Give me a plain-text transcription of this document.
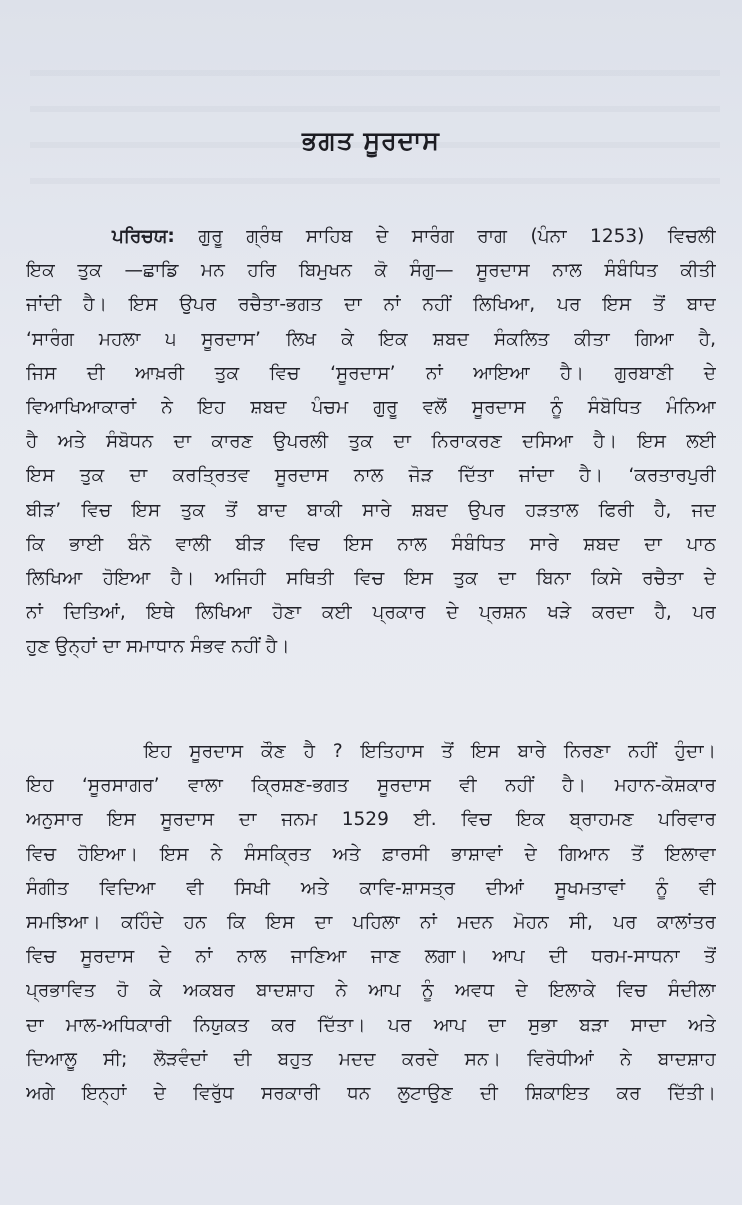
ਭਗਤ ਸੂਰਦਾਸ
ਪਰਿਚਯ: ਗੁਰੂ ਗ੍ਰੰਥ ਸਾਹਿਬ ਦੇ ਸਾਰੰਗ ਰਾਗ (ਪੰਨਾ 1253) ਵਿਚਲੀ
ਇਕ ਤੁਕ —ਛਾਡਿ ਮਨ ਹਰਿ ਬਿਮੁਖਨ ਕੋ ਸੰਗੁ— ਸੂਰਦਾਸ ਨਾਲ ਸੰਬੰਧਿਤ ਕੀਤੀ
ਜਾਂਦੀ ਹੈ। ਇਸ ਉਪਰ ਰਚੈਤਾ-ਭਗਤ ਦਾ ਨਾਂ ਨਹੀਂ ਲਿਖਿਆ, ਪਰ ਇਸ ਤੋਂ ਬਾਦ
‘ਸਾਰੰਗ ਮਹਲਾ ੫ ਸੂਰਦਾਸ’ ਲਿਖ ਕੇ ਇਕ ਸ਼ਬਦ ਸੰਕਲਿਤ ਕੀਤਾ ਗਿਆ ਹੈ,
ਜਿਸ ਦੀ ਆਖ਼ਰੀ ਤੁਕ ਵਿਚ ‘ਸੂਰਦਾਸ’ ਨਾਂ ਆਇਆ ਹੈ। ਗੁਰਬਾਣੀ ਦੇ
ਵਿਆਖਿਆਕਾਰਾਂ ਨੇ ਇਹ ਸ਼ਬਦ ਪੰਚਮ ਗੁਰੂ ਵਲੋਂ ਸੂਰਦਾਸ ਨੂੰ ਸੰਬੋਧਿਤ ਮੰਨਿਆ
ਹੈ ਅਤੇ ਸੰਬੋਧਨ ਦਾ ਕਾਰਣ ਉਪਰਲੀ ਤੁਕ ਦਾ ਨਿਰਾਕਰਣ ਦਸਿਆ ਹੈ। ਇਸ ਲਈ
ਇਸ ਤੁਕ ਦਾ ਕਰਤ੍ਰਿਤਵ ਸੂਰਦਾਸ ਨਾਲ ਜੋੜ ਦਿੱਤਾ ਜਾਂਦਾ ਹੈ। ‘ਕਰਤਾਰਪੁਰੀ
ਬੀੜ’ ਵਿਚ ਇਸ ਤੁਕ ਤੋਂ ਬਾਦ ਬਾਕੀ ਸਾਰੇ ਸ਼ਬਦ ਉਪਰ ਹੜਤਾਲ ਫਿਰੀ ਹੈ, ਜਦ
ਕਿ ਭਾਈ ਬੰਨੋ ਵਾਲੀ ਬੀੜ ਵਿਚ ਇਸ ਨਾਲ ਸੰਬੰਧਿਤ ਸਾਰੇ ਸ਼ਬਦ ਦਾ ਪਾਠ
ਲਿਖਿਆ ਹੋਇਆ ਹੈ। ਅਜਿਹੀ ਸਥਿਤੀ ਵਿਚ ਇਸ ਤੁਕ ਦਾ ਬਿਨਾ ਕਿਸੇ ਰਚੈਤਾ ਦੇ
ਨਾਂ ਦਿਤਿਆਂ, ਇਥੇ ਲਿਖਿਆ ਹੋਣਾ ਕਈ ਪ੍ਰਕਾਰ ਦੇ ਪ੍ਰਸ਼ਨ ਖੜੇ ਕਰਦਾ ਹੈ, ਪਰ
ਹੁਣ ਉਨ੍ਹਾਂ ਦਾ ਸਮਾਧਾਨ ਸੰਭਵ ਨਹੀਂ ਹੈ।
ਇਹ ਸੂਰਦਾਸ ਕੌਣ ਹੈ ? ਇਤਿਹਾਸ ਤੋਂ ਇਸ ਬਾਰੇ ਨਿਰਣਾ ਨਹੀਂ ਹੁੰਦਾ।
ਇਹ ‘ਸੂਰਸਾਗਰ’ ਵਾਲਾ ਕ੍ਰਿਸ਼ਣ-ਭਗਤ ਸੂਰਦਾਸ ਵੀ ਨਹੀਂ ਹੈ। ਮਹਾਨ-ਕੋਸ਼ਕਾਰ
ਅਨੁਸਾਰ ਇਸ ਸੂਰਦਾਸ ਦਾ ਜਨਮ 1529 ਈ. ਵਿਚ ਇਕ ਬ੍ਰਾਹਮਣ ਪਰਿਵਾਰ
ਵਿਚ ਹੋਇਆ। ਇਸ ਨੇ ਸੰਸਕ੍ਰਿਤ ਅਤੇ ਫ਼ਾਰਸੀ ਭਾਸ਼ਾਵਾਂ ਦੇ ਗਿਆਨ ਤੋਂ ਇਲਾਵਾ
ਸੰਗੀਤ ਵਿਦਿਆ ਵੀ ਸਿਖੀ ਅਤੇ ਕਾਵਿ-ਸ਼ਾਸਤ੍ਰ ਦੀਆਂ ਸੂਖਮਤਾਵਾਂ ਨੂੰ ਵੀ
ਸਮਝਿਆ। ਕਹਿੰਦੇ ਹਨ ਕਿ ਇਸ ਦਾ ਪਹਿਲਾ ਨਾਂ ਮਦਨ ਮੋਹਨ ਸੀ, ਪਰ ਕਾਲਾਂਤਰ
ਵਿਚ ਸੂਰਦਾਸ ਦੇ ਨਾਂ ਨਾਲ ਜਾਣਿਆ ਜਾਣ ਲਗਾ। ਆਪ ਦੀ ਧਰਮ-ਸਾਧਨਾ ਤੋਂ
ਪ੍ਰਭਾਵਿਤ ਹੋ ਕੇ ਅਕਬਰ ਬਾਦਸ਼ਾਹ ਨੇ ਆਪ ਨੂੰ ਅਵਧ ਦੇ ਇਲਾਕੇ ਵਿਚ ਸੰਦੀਲਾ
ਦਾ ਮਾਲ-ਅਧਿਕਾਰੀ ਨਿਯੁਕਤ ਕਰ ਦਿੱਤਾ। ਪਰ ਆਪ ਦਾ ਸੁਭਾ ਬੜਾ ਸਾਦਾ ਅਤੇ
ਦਿਆਲੂ ਸੀ; ਲੋੜਵੰਦਾਂ ਦੀ ਬਹੁਤ ਮਦਦ ਕਰਦੇ ਸਨ। ਵਿਰੋਧੀਆਂ ਨੇ ਬਾਦਸ਼ਾਹ
ਅਗੇ ਇਨ੍ਹਾਂ ਦੇ ਵਿਰੁੱਧ ਸਰਕਾਰੀ ਧਨ ਲੁਟਾਉਣ ਦੀ ਸ਼ਿਕਾਇਤ ਕਰ ਦਿੱਤੀ।
